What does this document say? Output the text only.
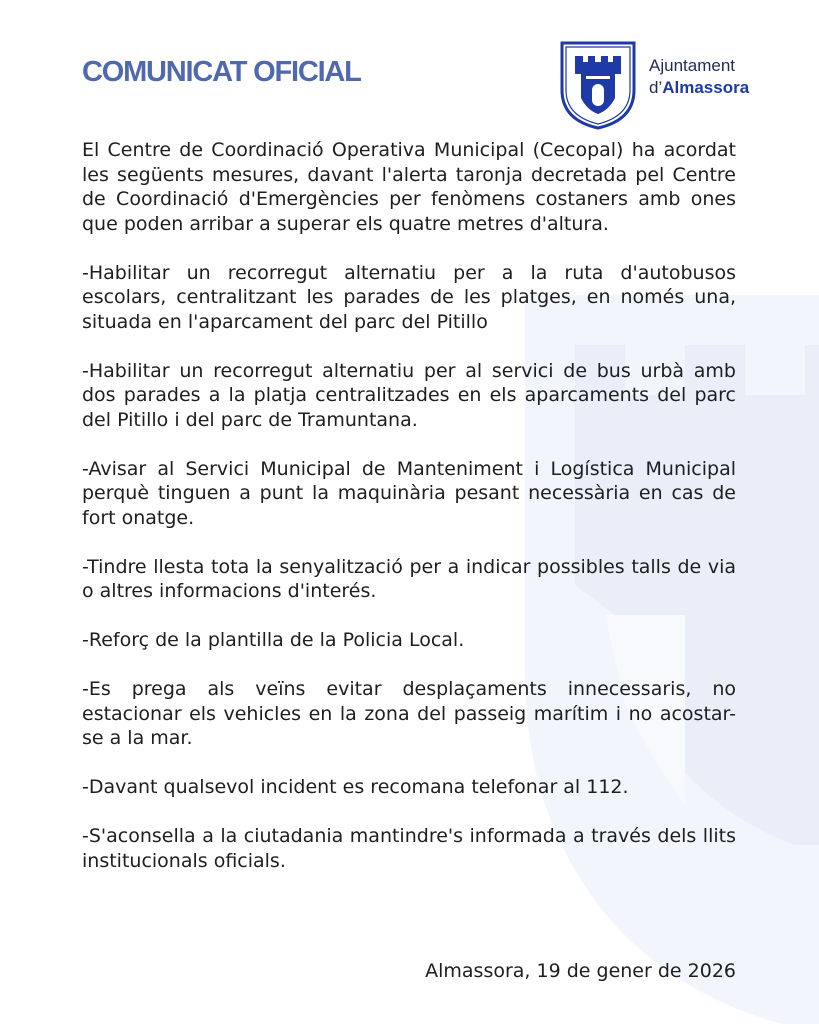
COMUNICAT OFICIAL	Ajuntament
d’Almassora

El Centre de Coordinació Operativa Municipal (Cecopal) ha acordat les següents mesures, davant l'alerta taronja decretada pel Centre de Coordinació d'Emergències per fenòmens costaners amb ones que poden arribar a superar els quatre metres d'altura.

-Habilitar un recorregut alternatiu per a la ruta d'autobusos escolars, centralitzant les parades de les platges, en només una, situada en l'aparcament del parc del Pitillo

-Habilitar un recorregut alternatiu per al servici de bus urbà amb dos parades a la platja centralitzades en els aparcaments del parc del Pitillo i del parc de Tramuntana.

-Avisar al Servici Municipal de Manteniment i Logística Municipal perquè tinguen a punt la maquinària pesant necessària en cas de fort onatge.

-Tindre llesta tota la senyalització per a indicar possibles talls de via o altres informacions d'interés.

-Reforç de la plantilla de la Policia Local.

-Es prega als veïns evitar desplaçaments innecessaris, no estacionar els vehicles en la zona del passeig marítim i no acostar-se a la mar.

-Davant qualsevol incident es recomana telefonar al 112.

-S'aconsella a la ciutadania mantindre's informada a través dels llits institucionals oficials.

Almassora, 19 de gener de 2026
